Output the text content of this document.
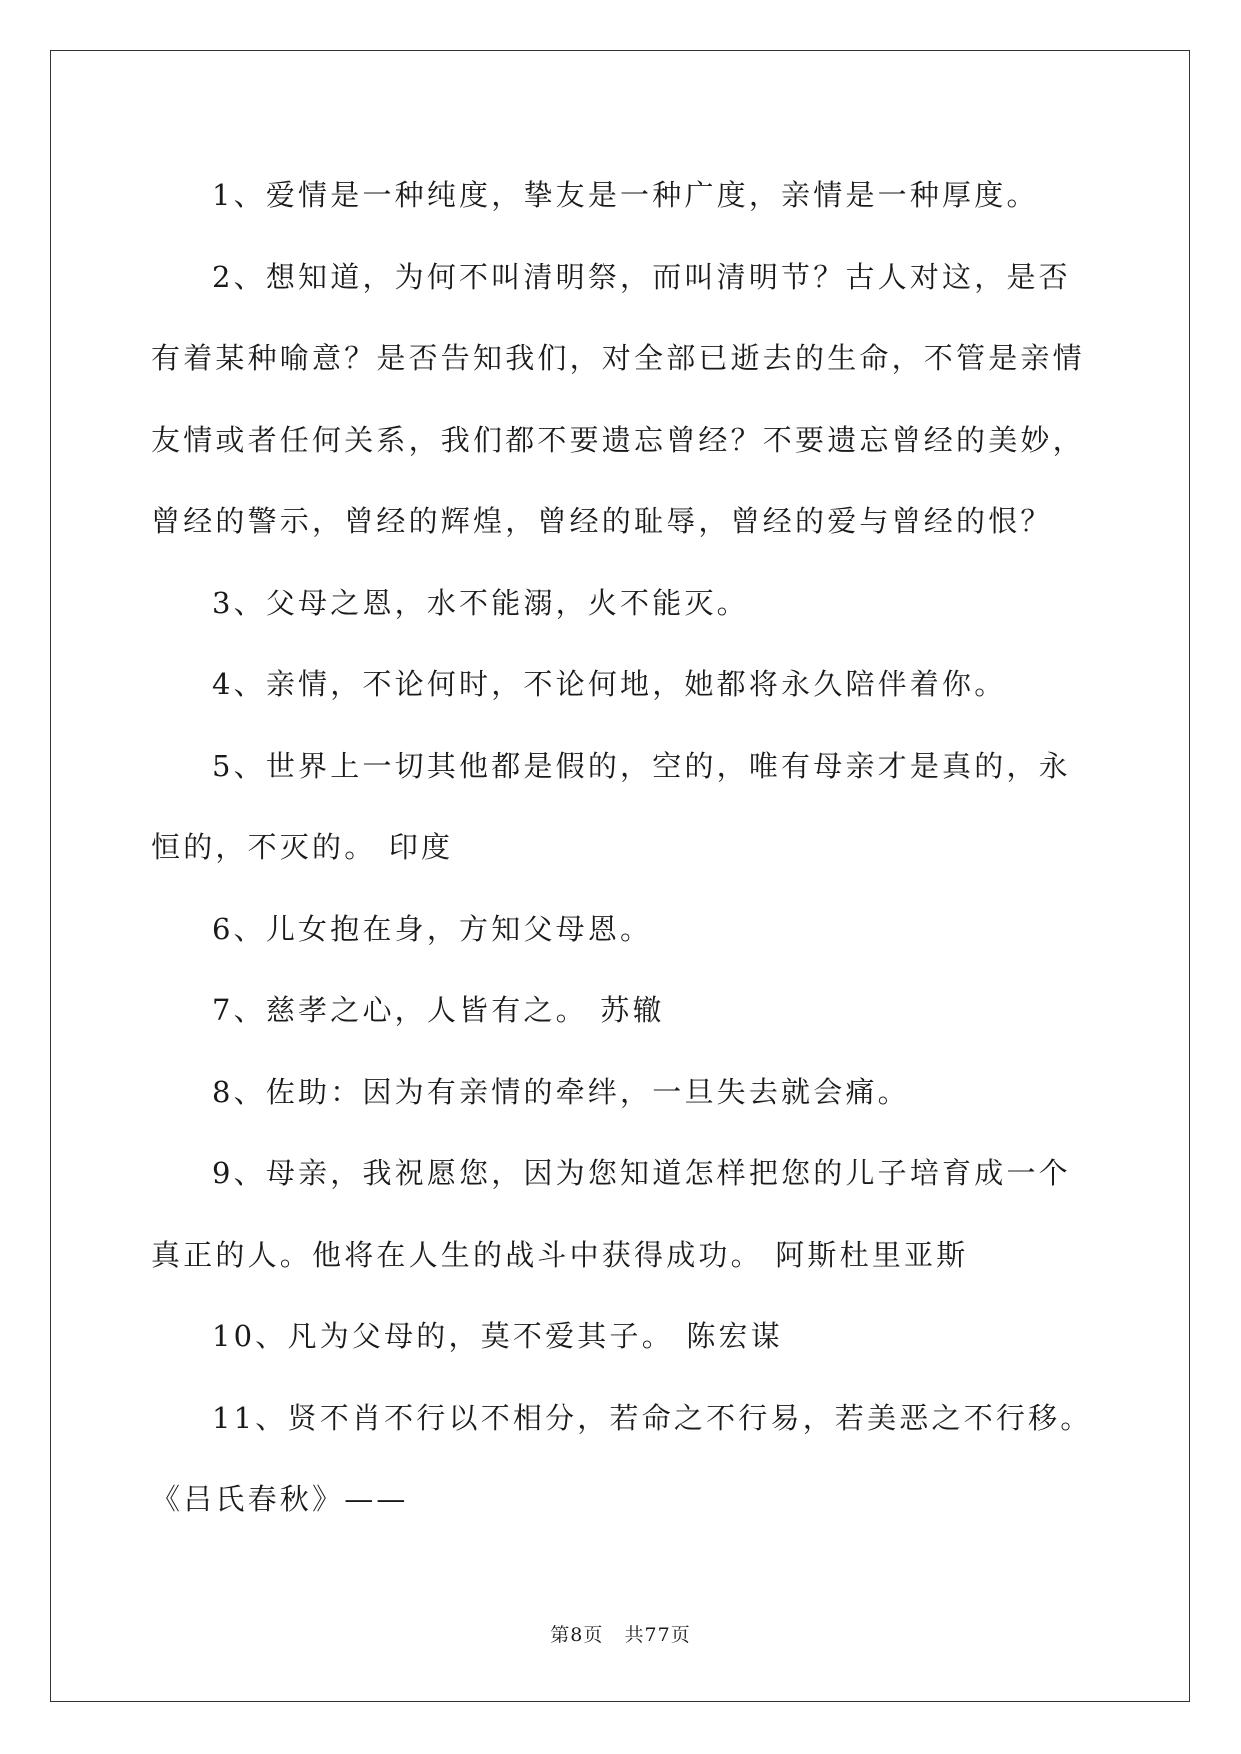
1、爱情是一种纯度，挚友是一种广度，亲情是一种厚度。

2、想知道，为何不叫清明祭，而叫清明节？古人对这，是否有着某种喻意？是否告知我们，对全部已逝去的生命，不管是亲情友情或者任何关系，我们都不要遗忘曾经？不要遗忘曾经的美妙，曾经的警示，曾经的辉煌，曾经的耻辱，曾经的爱与曾经的恨？

3、父母之恩，水不能溺，火不能灭。

4、亲情，不论何时，不论何地，她都将永久陪伴着你。

5、世界上一切其他都是假的，空的，唯有母亲才是真的，永恒的，不灭的。 印度

6、儿女抱在身，方知父母恩。

7、慈孝之心，人皆有之。 苏辙

8、佐助：因为有亲情的牵绊，一旦失去就会痛。

9、母亲，我祝愿您，因为您知道怎样把您的儿子培育成一个真正的人。他将在人生的战斗中获得成功。 阿斯杜里亚斯

10、凡为父母的，莫不爱其子。 陈宏谋

11、贤不肖不行以不相分，若命之不行易，若美恶之不行移。《吕氏春秋》——

第8页 共77页
